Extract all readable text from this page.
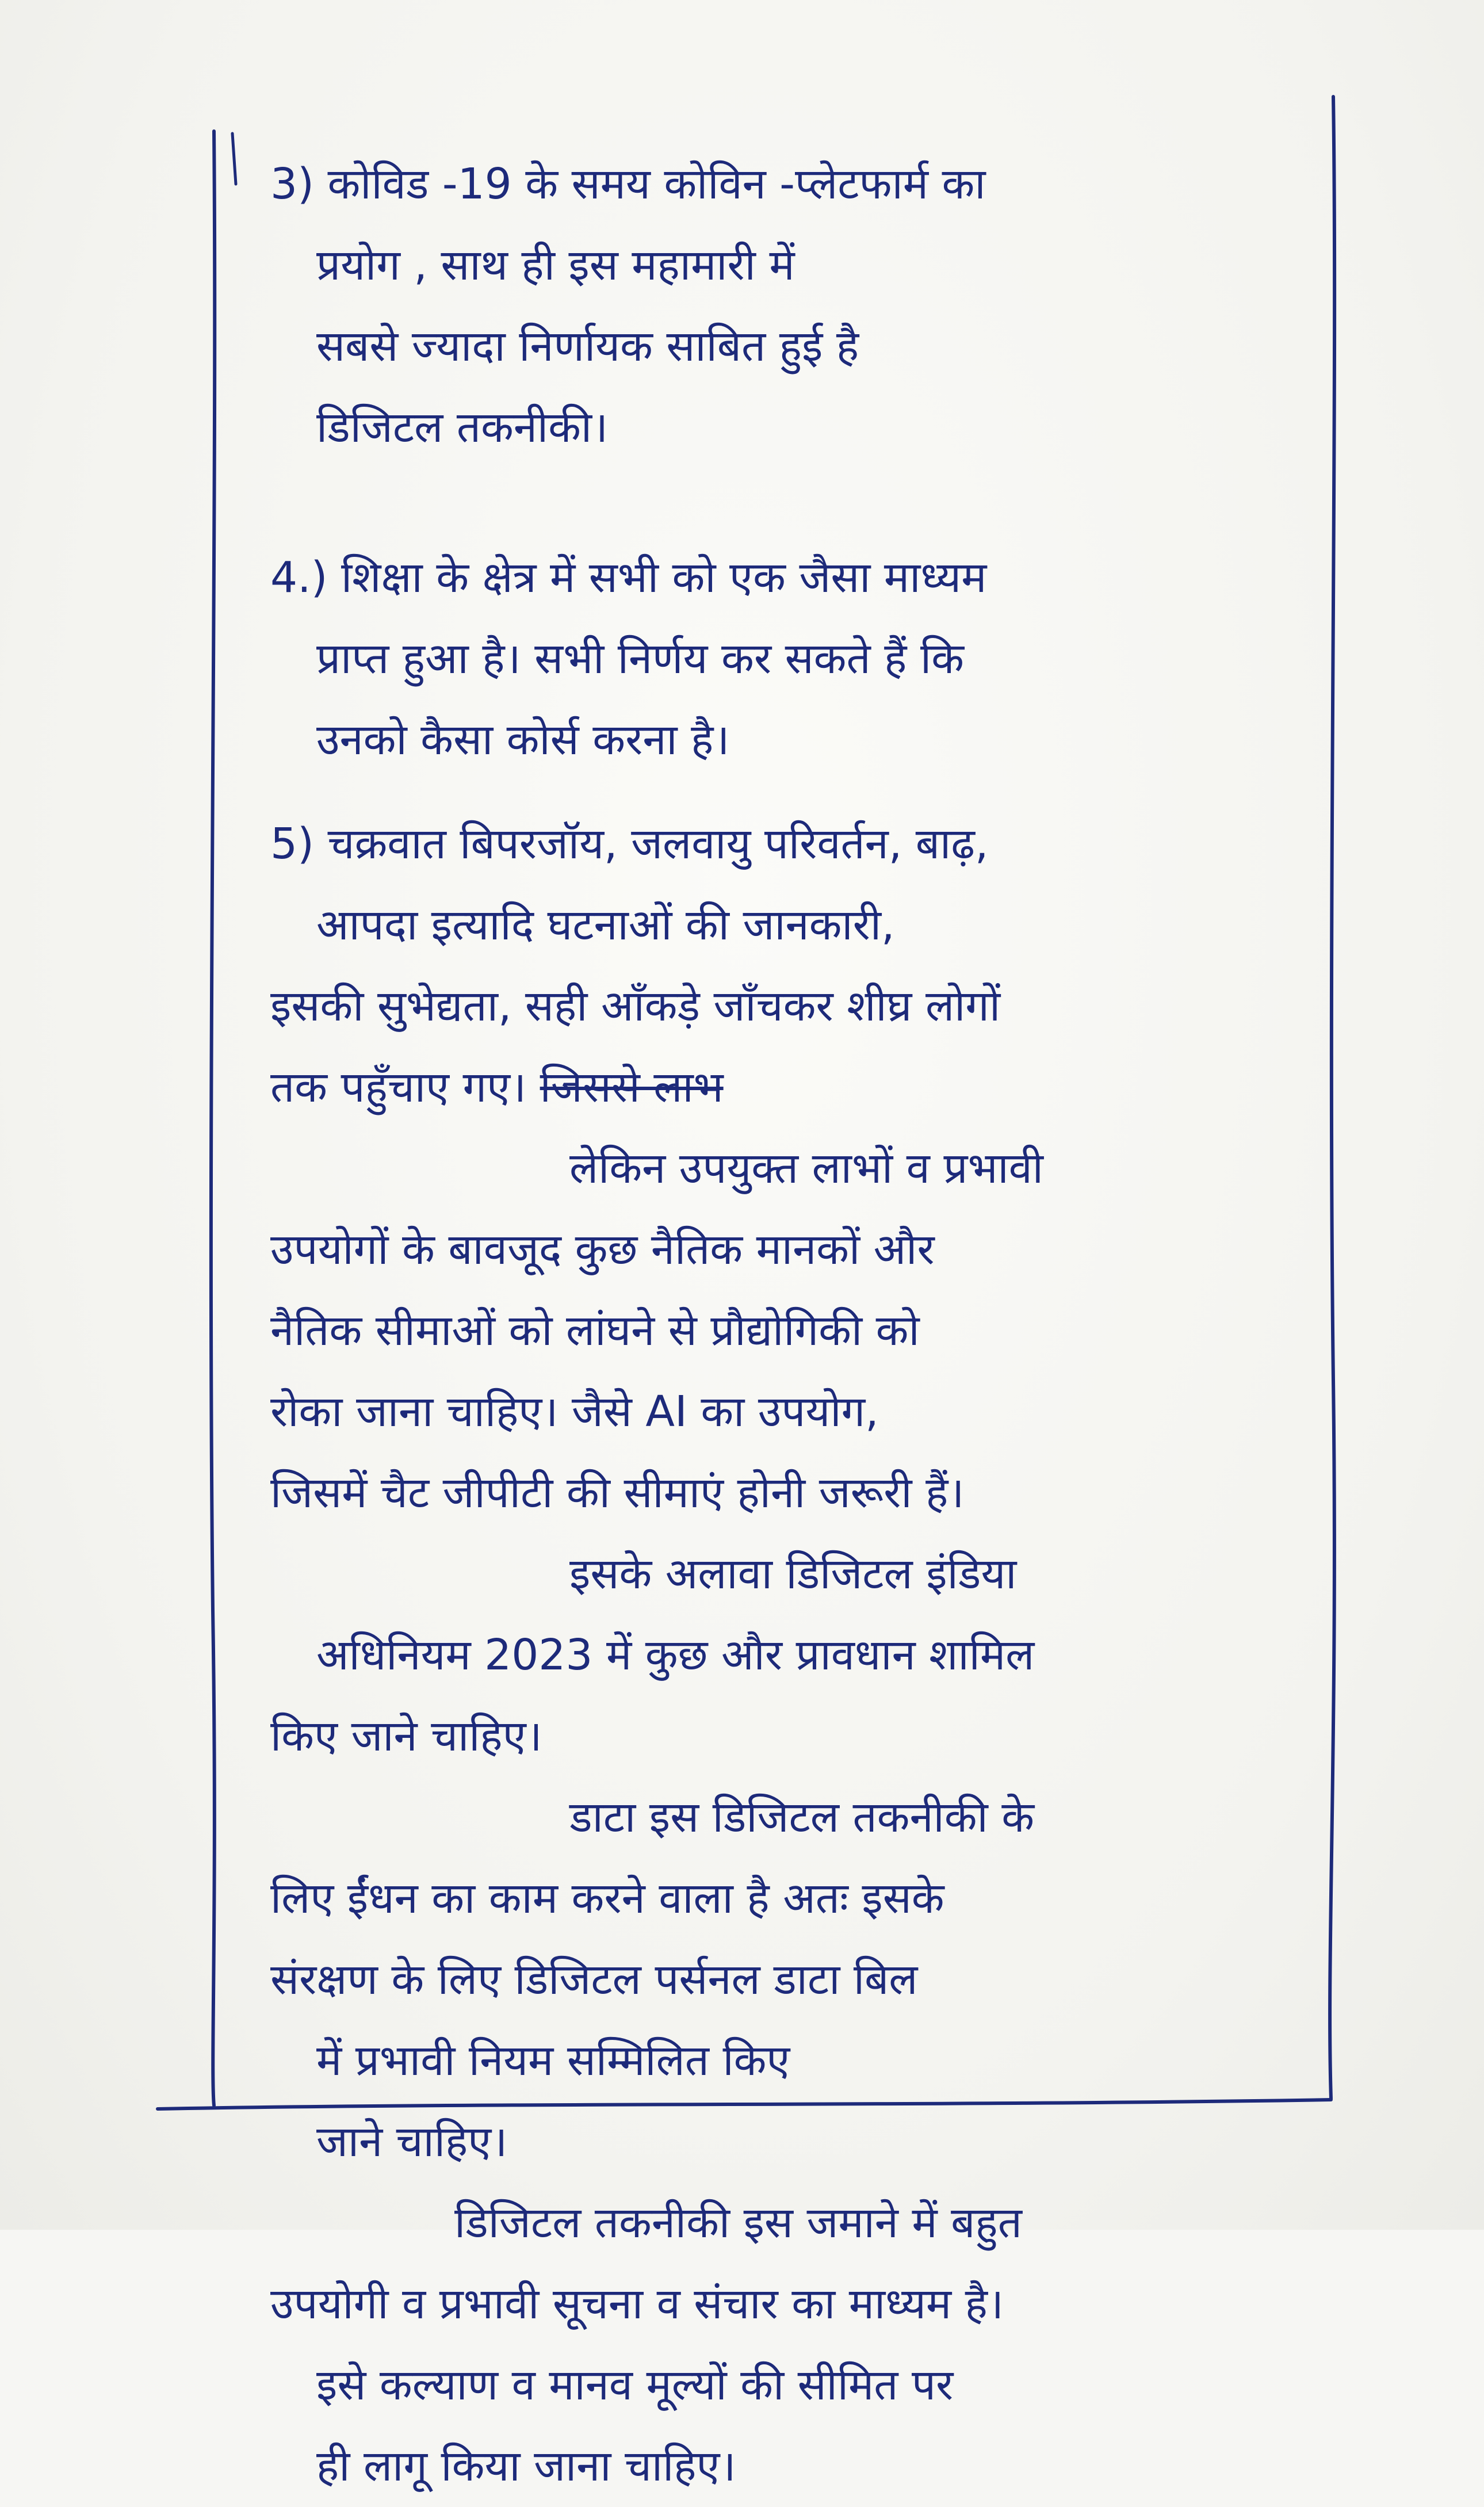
3) कोविड -19 के समय कोविन -प्लेटफार्म का
प्रयोग , साथ ही इस महामारी में
सबसे ज्यादा निर्णायक साबित हुई है
डिजिटल तकनीकी।
4.) शिक्षा के क्षेत्र में सभी को एक जैसा माध्यम
प्राप्त हुआ है। सभी निर्णय कर सकते हैं कि
उनको कैसा कोर्स करना है।
5) चक्रवात बिपरजॉय, जलवायु परिवर्तन, बाढ़,
आपदा इत्यादि घटनाओं की जानकारी,
इसकी सुभेद्यता, सही आँकड़े जाँचकर शीघ्र लोगों
तक पहुँचाए गए। जिससे लाभ
लेकिन उपयुक्त लाभों व प्रभावी
उपयोगों के बावजूद कुछ नैतिक मानकों और
नैतिक सीमाओं को लांघने से प्रौद्योगिकी को
रोका जाना चाहिए। जैसे AI का उपयोग,
जिसमें चैट जीपीटी की सीमाएं होनी जरूरी हैं।
इसके अलावा डिजिटल इंडिया
अधिनियम 2023 में कुछ और प्रावधान शामिल
किए जाने चाहिए।
डाटा इस डिजिटल तकनीकी के
लिए ईंधन का काम करने वाला है अतः इसके
संरक्षण के लिए डिजिटल पर्सनल डाटा बिल
में प्रभावी नियम सम्मिलित किए
जाने चाहिए।
डिजिटल तकनीकी इस जमाने में बहुत
उपयोगी व प्रभावी सूचना व संचार का माध्यम है।
इसे कल्याण व मानव मूल्यों की सीमित पर
ही लागू किया जाना चाहिए।
